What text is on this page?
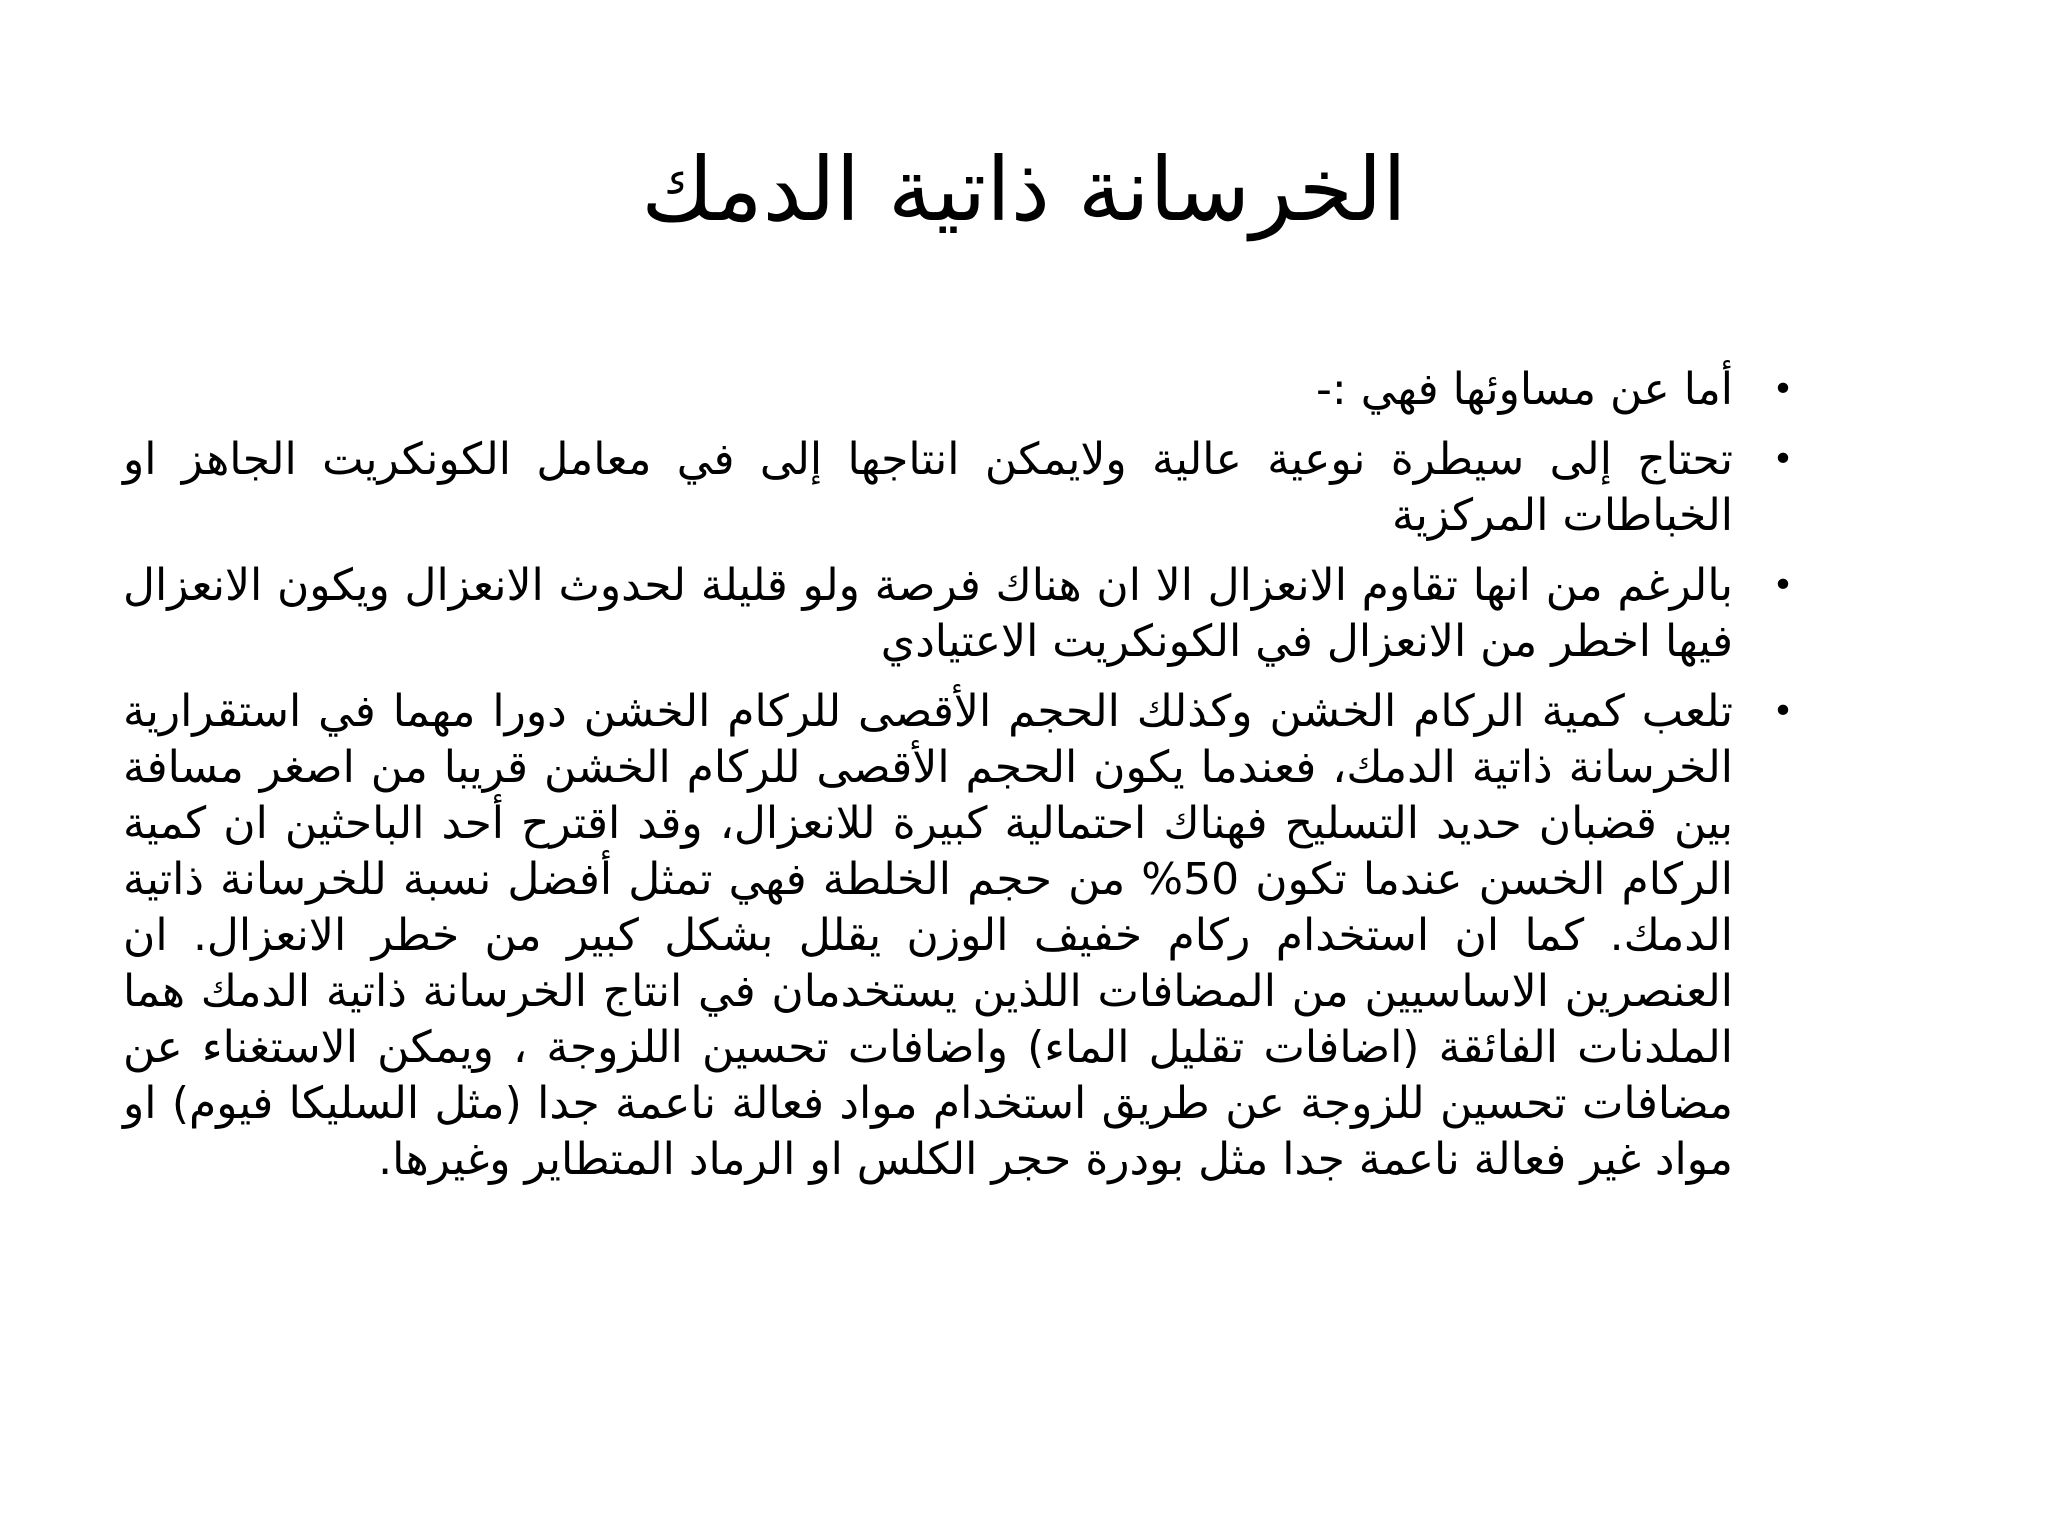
الخرسانة ذاتية الدمك
•
أما عن مساوئها فهي :-
•
تحتاج إلى سيطرة نوعية عالية ولايمكن انتاجها إلى في معامل الكونكريت الجاهز او الخباطات المركزية
•
بالرغم من انها تقاوم الانعزال الا ان هناك فرصة ولو قليلة لحدوث الانعزال ويكون الانعزال فيها اخطر من الانعزال في الكونكريت الاعتيادي
•
تلعب كمية الركام الخشن وكذلك الحجم الأقصى للركام الخشن دورا مهما في استقرارية الخرسانة ذاتية الدمك، فعندما يكون الحجم الأقصى للركام الخشن قريبا من اصغر مسافة بين قضبان حديد التسليح فهناك احتمالية كبيرة للانعزال، وقد اقترح أحد الباحثين ان كمية الركام الخسن عندما تكون 50% من حجم الخلطة فهي تمثل أفضل نسبة للخرسانة ذاتية الدمك. كما ان استخدام ركام خفيف الوزن يقلل بشكل كبير من خطر الانعزال. ان العنصرين الاساسيين من المضافات اللذين يستخدمان في انتاج الخرسانة ذاتية الدمك هما الملدنات الفائقة (اضافات تقليل الماء) واضافات تحسين اللزوجة ، ويمكن الاستغناء عن مضافات تحسين للزوجة عن طريق استخدام مواد فعالة ناعمة جدا (مثل السليكا فيوم) او مواد غير فعالة ناعمة جدا مثل بودرة حجر الكلس او الرماد المتطاير وغيرها.
